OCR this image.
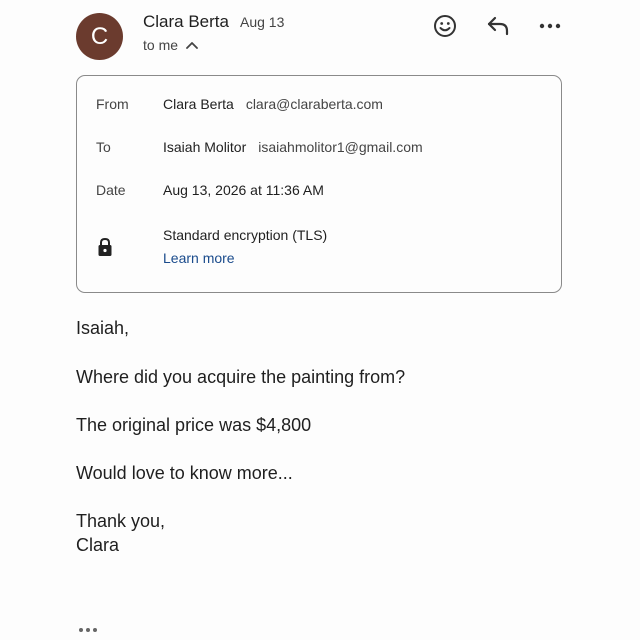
C
Clara Berta Aug 13
to me
From Clara Berta clara@claraberta.com
To	Isaiah Molitor isaiahmolitor1@gmail.com
Date	Aug 13, 2026 at 11:36 AM
Standard encryption (TLS)
Learn more
Isaiah,
Where did you acquire the painting from?
The original price was $4,800
Would love to know more...
Thank you,
Clara
